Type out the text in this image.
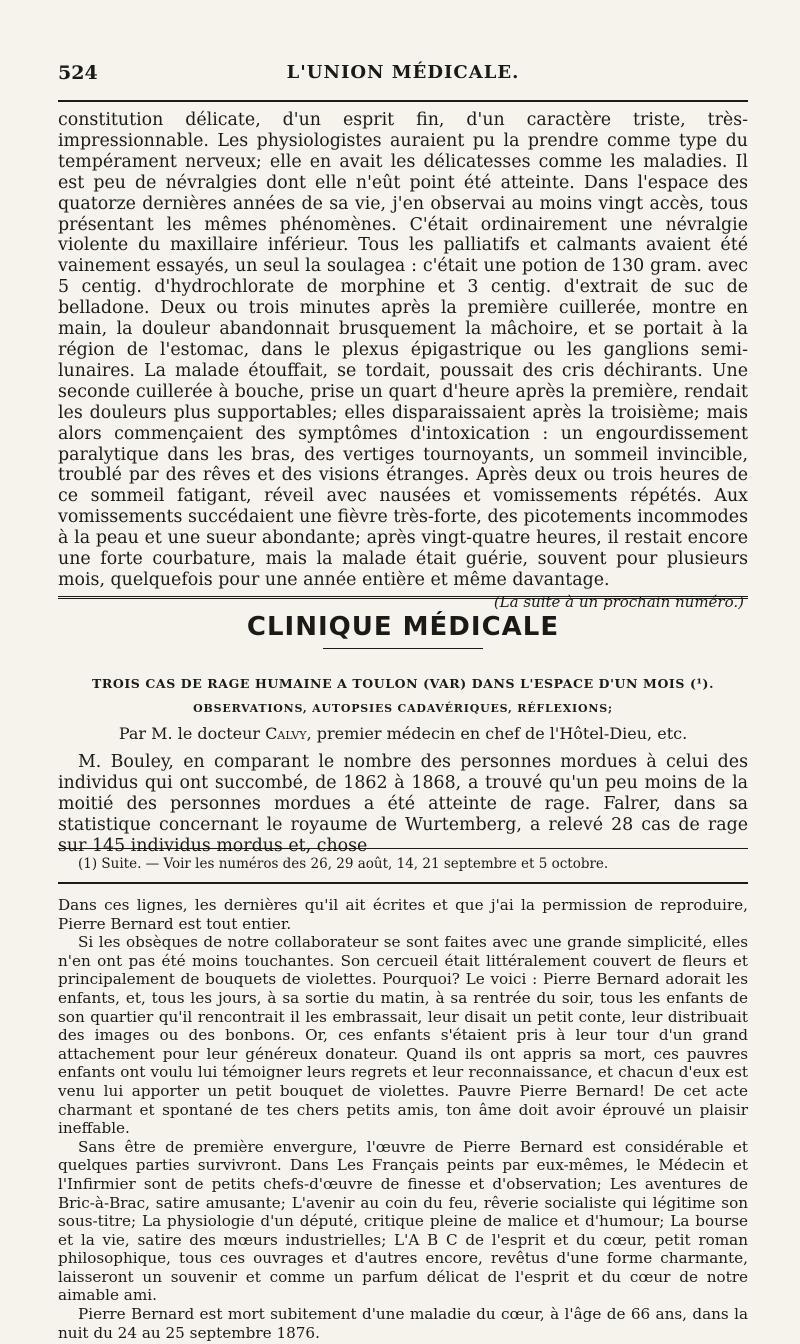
524	L'UNION MÉDICALE.

constitution délicate, d'un esprit fin, d'un caractère triste, très-impressionnable. Les physiologistes auraient pu la prendre comme type du tempérament nerveux; elle en avait les délicatesses comme les maladies. Il est peu de névralgies dont elle n'eût point été atteinte. Dans l'espace des quatorze dernières années de sa vie, j'en observai au moins vingt accès, tous présentant les mêmes phénomènes. C'était ordinairement une névralgie violente du maxillaire inférieur. Tous les palliatifs et calmants avaient été vainement essayés, un seul la soulagea : c'était une potion de 130 gram. avec 5 centig. d'hydrochlorate de morphine et 3 centig. d'extrait de suc de belladone. Deux ou trois minutes après la première cuillerée, montre en main, la douleur abandonnait brusquement la mâchoire, et se portait à la région de l'estomac, dans le plexus épigastrique ou les ganglions semi-lunaires. La malade étouffait, se tordait, poussait des cris déchirants. Une seconde cuillerée à bouche, prise un quart d'heure après la première, rendait les douleurs plus supportables; elles disparaissaient après la troisième; mais alors commençaient des symptômes d'intoxication : un engourdissement paralytique dans les bras, des vertiges tournoyants, un sommeil invincible, troublé par des rêves et des visions étranges. Après deux ou trois heures de ce sommeil fatigant, réveil avec nausées et vomissements répétés. Aux vomissements succédaient une fièvre très-forte, des picotements incommodes à la peau et une sueur abondante; après vingt-quatre heures, il restait encore une forte courbature, mais la malade était guérie, souvent pour plusieurs mois, quelquefois pour une année entière et même davantage.

(La suite à un prochain numéro.)
CLINIQUE MÉDICALE
TROIS CAS DE RAGE HUMAINE A TOULON (VAR) DANS L'ESPACE D'UN MOIS (¹).
OBSERVATIONS, AUTOPSIES CADAVÉRIQUES, RÉFLEXIONS;
Par M. le docteur Calvy, premier médecin en chef de l'Hôtel-Dieu, etc.

M. Bouley, en comparant le nombre des personnes mordues à celui des individus qui ont succombé, de 1862 à 1868, a trouvé qu'un peu moins de la moitié des personnes mordues a été atteinte de rage. Falrer, dans sa statistique concernant le royaume de Wurtemberg, a relevé 28 cas de rage sur 145 individus mordus et, chose

(1) Suite. — Voir les numéros des 26, 29 août, 14, 21 septembre et 5 octobre.

Dans ces lignes, les dernières qu'il ait écrites et que j'ai la permission de reproduire, Pierre Bernard est tout entier.

Si les obsèques de notre collaborateur se sont faites avec une grande simplicité, elles n'en ont pas été moins touchantes. Son cercueil était littéralement couvert de fleurs et principalement de bouquets de violettes. Pourquoi? Le voici : Pierre Bernard adorait les enfants, et, tous les jours, à sa sortie du matin, à sa rentrée du soir, tous les enfants de son quartier qu'il rencontrait il les embrassait, leur disait un petit conte, leur distribuait des images ou des bonbons. Or, ces enfants s'étaient pris à leur tour d'un grand attachement pour leur généreux donateur. Quand ils ont appris sa mort, ces pauvres enfants ont voulu lui témoigner leurs regrets et leur reconnaissance, et chacun d'eux est venu lui apporter un petit bouquet de violettes. Pauvre Pierre Bernard! De cet acte charmant et spontané de tes chers petits amis, ton âme doit avoir éprouvé un plaisir ineffable.

Sans être de première envergure, l'œuvre de Pierre Bernard est considérable et quelques parties survivront. Dans Les Français peints par eux-mêmes, le Médecin et l'Infirmier sont de petits chefs-d'œuvre de finesse et d'observation; Les aventures de Bric-à-Brac, satire amusante; L'avenir au coin du feu, rêverie socialiste qui légitime son sous-titre; La physiologie d'un député, critique pleine de malice et d'humour; La bourse et la vie, satire des mœurs industrielles; L'A B C de l'esprit et du cœur, petit roman philosophique, tous ces ouvrages et d'autres encore, revêtus d'une forme charmante, laisseront un souvenir et comme un parfum délicat de l'esprit et du cœur de notre aimable ami.

Pierre Bernard est mort subitement d'une maladie du cœur, à l'âge de 66 ans, dans la nuit du 24 au 25 septembre 1876.
